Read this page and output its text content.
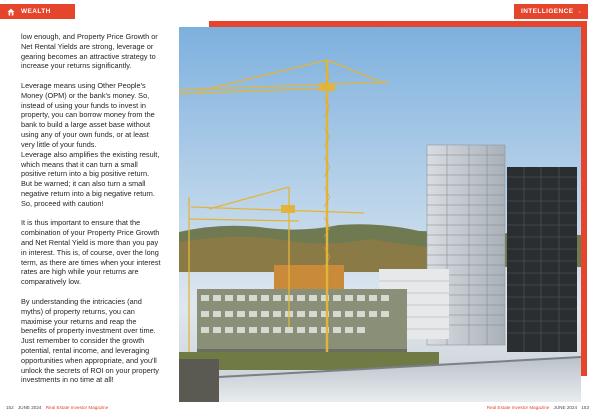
WEALTH	INTELLIGENCE

low enough, and Property Price Growth or
Net Rental Yields are strong, leverage or
gearing becomes an attractive strategy to
increase your returns significantly.

Leverage means using Other People's
Money (OPM) or the bank's money. So,
instead of using your funds to invest in
property, you can borrow money from the
bank to build a large asset base without
using any of your own funds, or at least
very little of your funds.
Leverage also amplifies the existing result,
which means that it can turn a small
positive return into a big positive return.
But be warned; it can also turn a small
negative return into a big negative return.
So, proceed with caution!

It is thus important to ensure that the
combination of your Property Price Growth
and Net Rental Yield is more than you pay
in interest. This is, of course, over the long
term, as there are times when your interest
rates are high while your returns are
comparatively low.

By understanding the intricacies (and
myths) of property returns, you can
maximise your returns and reap the
benefits of property investment over time.
Just remember to consider the growth
potential, rental income, and leveraging
opportunities when appropriate, and you'll
unlock the secrets of ROI on your property
investments in no time at all!

152 JUNE 2024 Real Estate Investor Magazine	Real Estate Investor Magazine JUNE 2024 153
